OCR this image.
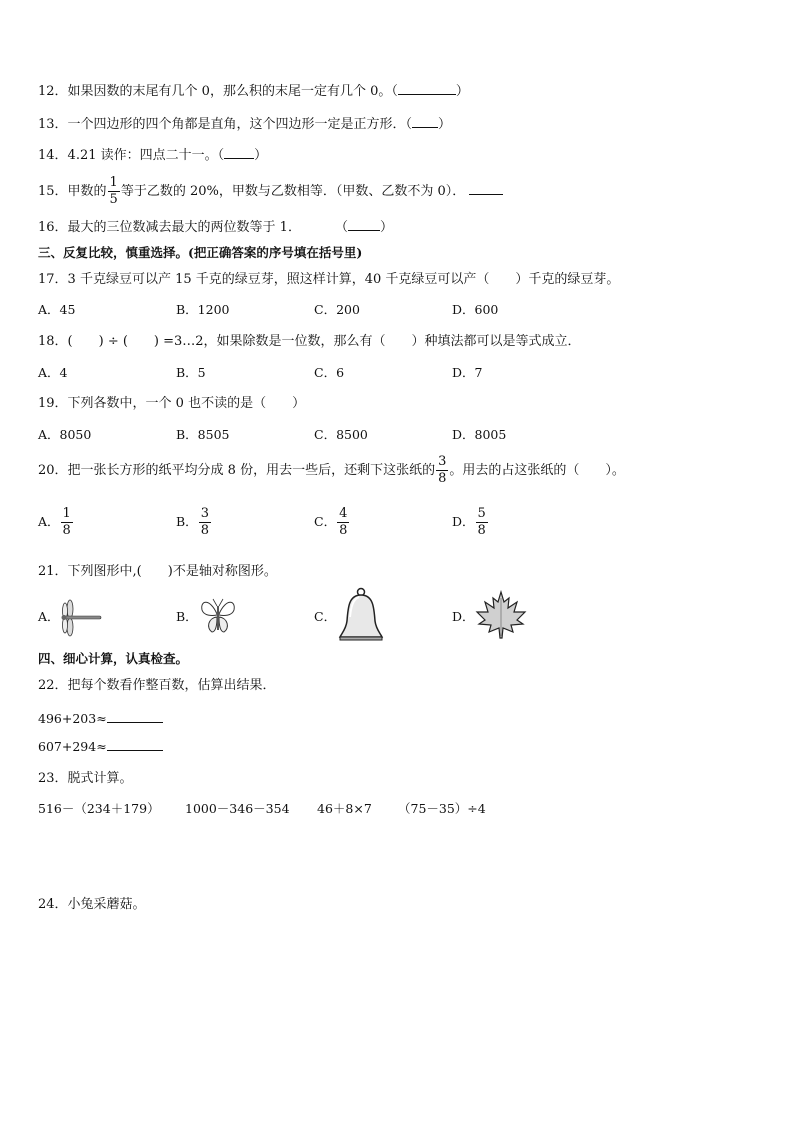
12．如果因数的末尾有几个 0，那么积的末尾一定有几个 0。（	）
13．一个四边形的四个角都是直角，这个四边形一定是正方形．（ ）
14．4.21 读作：四点二十一。（ ）
15．甲数的 $\frac{1}{5}$ 等于乙数的 20%，甲数与乙数相等．（甲数、乙数不为 0）．
16．最大的三位数减去最大的两位数等于 1．	（ ）
三、反复比较，慎重选择。(把正确答案的序号填在括号里)
17．3 千克绿豆可以产 15 千克的绿豆芽，照这样计算，40 千克绿豆可以产（　　）千克的绿豆芽。
A．45	B．1200	C．200	D．600
18．(　　) ÷ (　　) =3…2，如果除数是一位数，那么有（　　）种填法都可以是等式成立．
A．4	B．5	C．6	D．7
19．下列各数中，一个 0 也不读的是（　　）
A．8050	B．8505	C．8500	D．8005
20．把一张长方形的纸平均分成 8 份，用去一些后，还剩下这张纸的 $\frac{3}{8}$ 。用去的占这张纸的（　　）。
A． $\frac{1}{8}$	B． $\frac{3}{8}$	C． $\frac{4}{8}$	D． $\frac{5}{8}$
21．下列图形中,(　　)不是轴对称图形。
A．	B．	C．	D．
四、细心计算，认真检查。
22．把每个数看作整百数，估算出结果．
496+203≈
607+294≈
23．脱式计算。
516－（234＋179） 1000－346－354 46＋8×7 （75－35）÷4
24．小兔采蘑菇。
